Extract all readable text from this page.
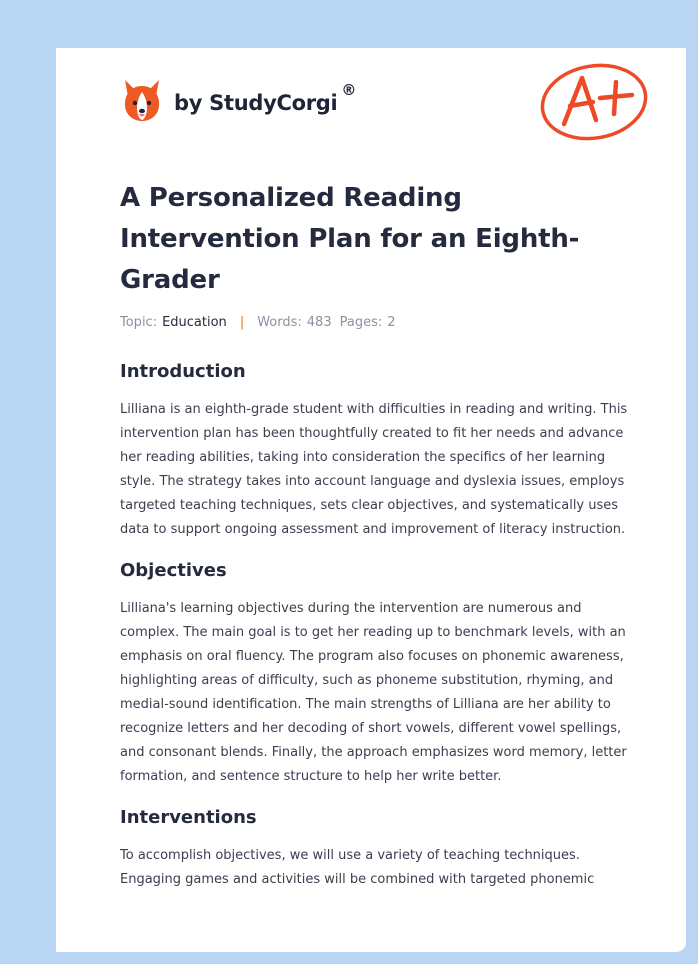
by StudyCorgi
®
A Personalized Reading Intervention Plan for an Eighth-Grader
Topic: Education | Words: 483 Pages: 2
Introduction

Lilliana is an eighth-grade student with difficulties in reading and writing. This intervention plan has been thoughtfully created to fit her needs and advance her reading abilities, taking into consideration the specifics of her learning style. The strategy takes into account language and dyslexia issues, employs targeted teaching techniques, sets clear objectives, and systematically uses data to support ongoing assessment and improvement of literacy instruction.

Objectives

Lilliana's learning objectives during the intervention are numerous and complex. The main goal is to get her reading up to benchmark levels, with an emphasis on oral fluency. The program also focuses on phonemic awareness, highlighting areas of difficulty, such as phoneme substitution, rhyming, and medial-sound identification. The main strengths of Lilliana are her ability to recognize letters and her decoding of short vowels, different vowel spellings, and consonant blends. Finally, the approach emphasizes word memory, letter formation, and sentence structure to help her write better.

Interventions

To accomplish objectives, we will use a variety of teaching techniques. Engaging games and activities will be combined with targeted phonemic
